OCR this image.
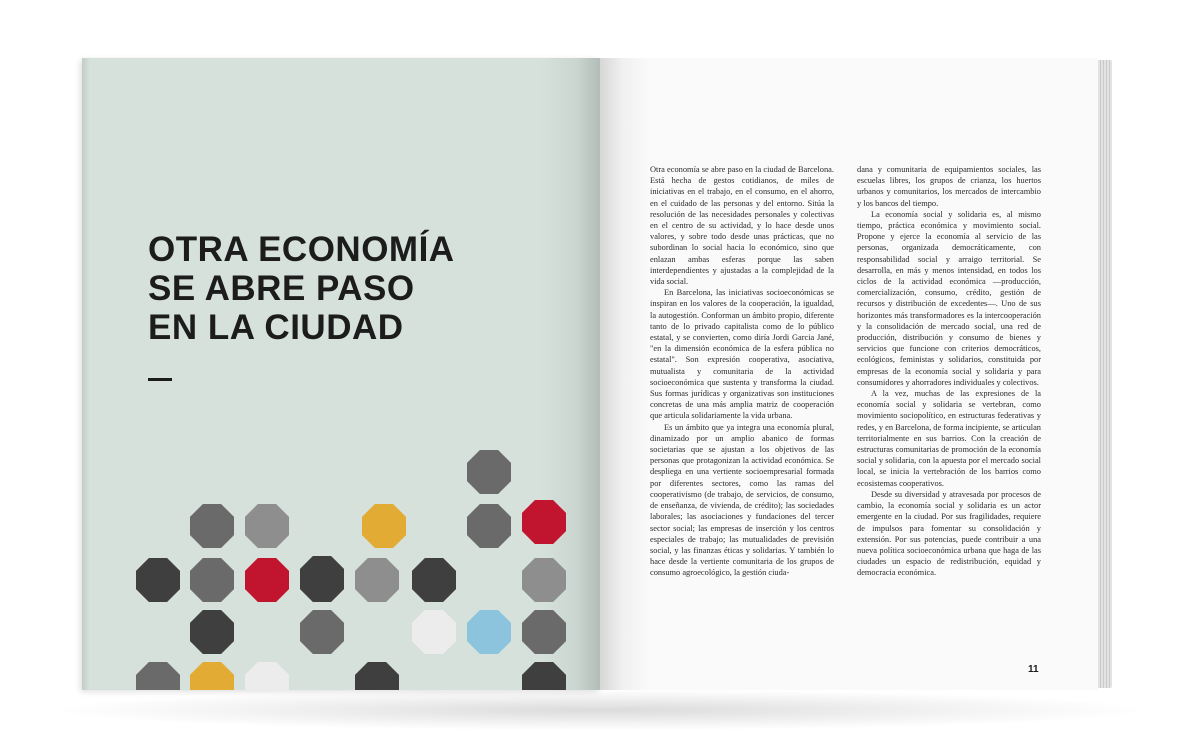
OTRA ECONOMÍA
SE ABRE PASO
EN LA CIUDAD

Otra economía se abre paso en la ciudad de Barcelona. Está hecha de gestos cotidianos, de miles de iniciativas en el trabajo, en el consumo, en el ahorro, en el cuidado de las personas y del entorno. Sitúa la resolución de las necesidades personales y colectivas en el centro de su actividad, y lo hace desde unos valores, y sobre todo desde unas prácticas, que no subordinan lo social hacia lo económico, sino que enlazan ambas esferas porque las saben interdependientes y ajustadas a la complejidad de la vida social.

En Barcelona, las iniciativas socioeconómicas se inspiran en los valores de la cooperación, la igualdad, la autogestión. Conforman un ámbito propio, diferente tanto de lo privado capitalista como de lo público estatal, y se convierten, como diría Jordi Garcia Jané, "en la dimensión económica de la esfera pública no estatal". Son expresión cooperativa, asociativa, mutualista y comunitaria de la actividad socioeconómica que sustenta y transforma la ciudad. Sus formas jurídicas y organizativas son instituciones concretas de una más amplia matriz de cooperación que articula solidariamente la vida urbana.

Es un ámbito que ya integra una economía plural, dinamizado por un amplio abanico de formas societarias que se ajustan a los objetivos de las personas que protagonizan la actividad económica. Se despliega en una vertiente socioempresarial formada por diferentes sectores, como las ramas del cooperativismo (de trabajo, de servicios, de consumo, de enseñanza, de vivienda, de crédito); las sociedades laborales; las asociaciones y fundaciones del tercer sector social; las empresas de inserción y los centros especiales de trabajo; las mutualidades de previsión social, y las finanzas éticas y solidarias. Y también lo hace desde la vertiente comunitaria de los grupos de consumo agroecológico, la gestión ciuda-

dana y comunitaria de equipamientos sociales, las escuelas libres, los grupos de crianza, los huertos urbanos y comunitarios, los mercados de intercambio y los bancos del tiempo.

La economía social y solidaria es, al mismo tiempo, práctica económica y movimiento social. Propone y ejerce la economía al servicio de las personas, organizada democráticamente, con responsabilidad social y arraigo territorial. Se desarrolla, en más y menos intensidad, en todos los ciclos de la actividad económica —producción, comercialización, consumo, crédito, gestión de recursos y distribución de excedentes—. Uno de sus horizontes más transformadores es la intercooperación y la consolidación de mercado social, una red de producción, distribución y consumo de bienes y servicios que funcione con criterios democráticos, ecológicos, feministas y solidarios, constituida por empresas de la economía social y solidaria y para consumidores y ahorradores individuales y colectivos.

A la vez, muchas de las expresiones de la economía social y solidaria se vertebran, como movimiento sociopolítico, en estructuras federativas y redes, y en Barcelona, de forma incipiente, se articulan territorialmente en sus barrios. Con la creación de estructuras comunitarias de promoción de la economía social y solidaria, con la apuesta por el mercado social local, se inicia la vertebración de los barrios como ecosistemas cooperativos.

Desde su diversidad y atravesada por procesos de cambio, la economía social y solidaria es un actor emergente en la ciudad. Por sus fragilidades, requiere de impulsos para fomentar su consolidación y extensión. Por sus potencias, puede contribuir a una nueva política socioeconómica urbana que haga de las ciudades un espacio de redistribución, equidad y democracia económica.

11
